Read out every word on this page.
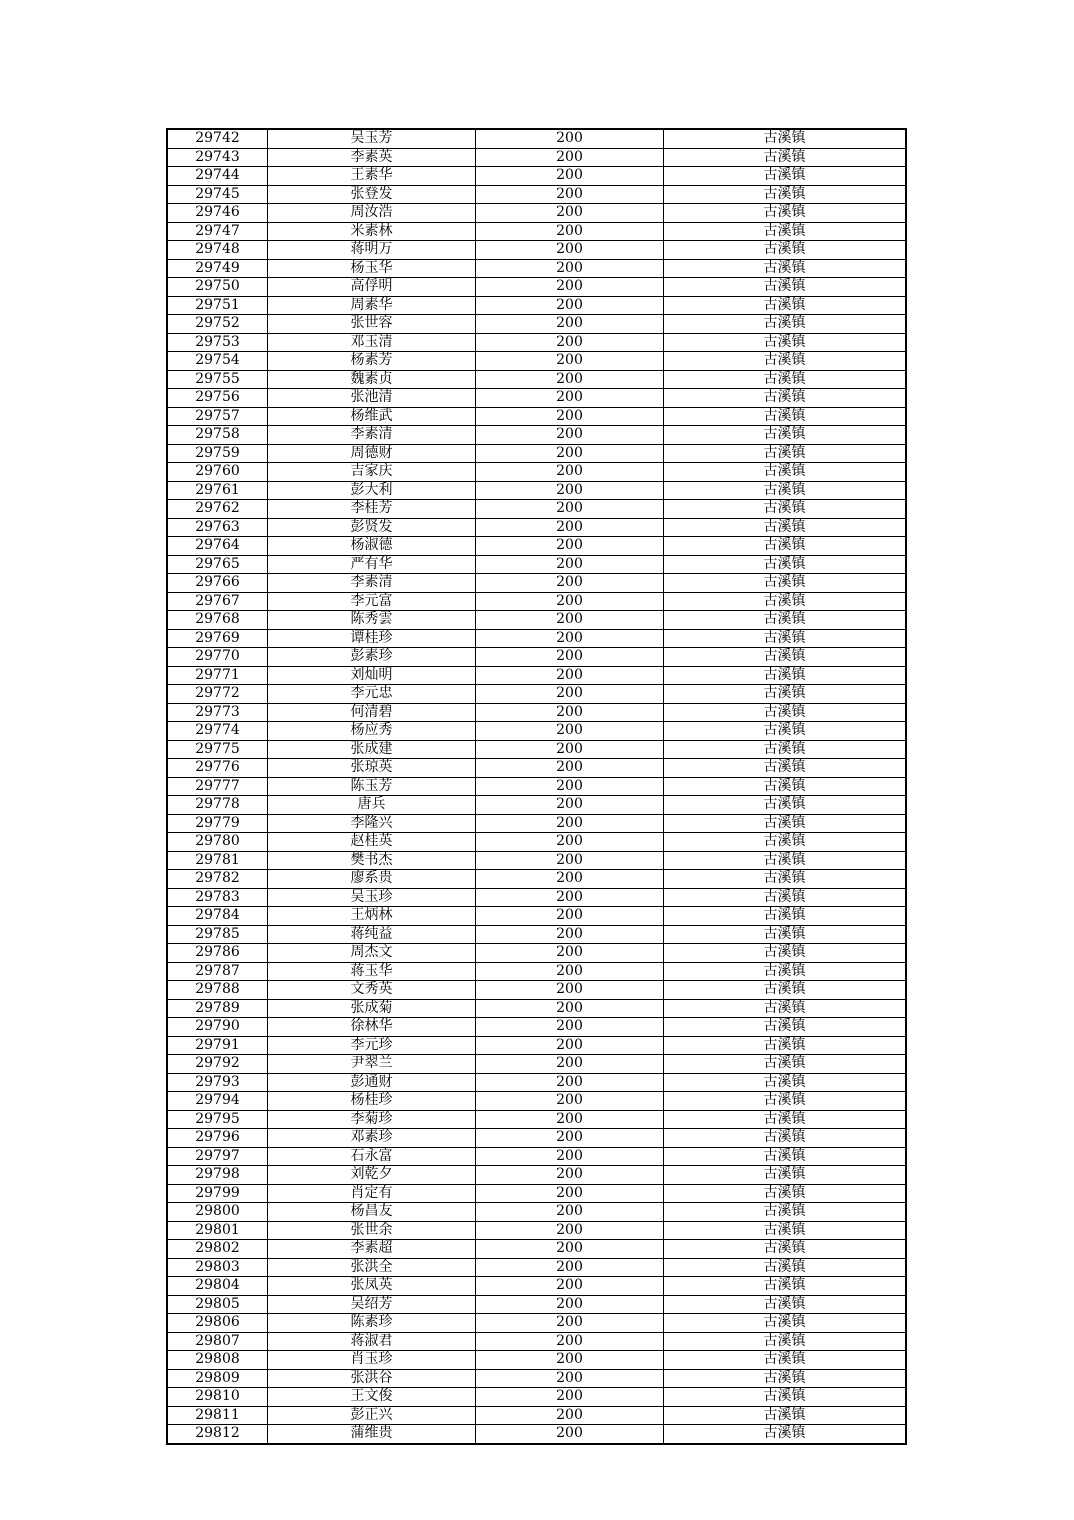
29742	吴玉芳	200	古溪镇
29743	李素英	200	古溪镇
29744	王素华	200	古溪镇
29745	张登发	200	古溪镇
29746	周汝浩	200	古溪镇
29747	米素林	200	古溪镇
29748	蒋明万	200	古溪镇
29749	杨玉华	200	古溪镇
29750	高俘明	200	古溪镇
29751	周素华	200	古溪镇
29752	张世容	200	古溪镇
29753	邓玉清	200	古溪镇
29754	杨素芳	200	古溪镇
29755	魏素贞	200	古溪镇
29756	张池清	200	古溪镇
29757	杨维武	200	古溪镇
29758	李素清	200	古溪镇
29759	周德财	200	古溪镇
29760	吉家庆	200	古溪镇
29761	彭大利	200	古溪镇
29762	李桂芳	200	古溪镇
29763	彭贤发	200	古溪镇
29764	杨淑德	200	古溪镇
29765	严有华	200	古溪镇
29766	李素清	200	古溪镇
29767	李元富	200	古溪镇
29768	陈秀雲	200	古溪镇
29769	谭桂珍	200	古溪镇
29770	彭素珍	200	古溪镇
29771	刘灿明	200	古溪镇
29772	李元忠	200	古溪镇
29773	何清碧	200	古溪镇
29774	杨应秀	200	古溪镇
29775	张成建	200	古溪镇
29776	张琼英	200	古溪镇
29777	陈玉芳	200	古溪镇
29778	唐兵	200	古溪镇
29779	李隆兴	200	古溪镇
29780	赵桂英	200	古溪镇
29781	樊书杰	200	古溪镇
29782	廖系贵	200	古溪镇
29783	吴玉珍	200	古溪镇
29784	王炳林	200	古溪镇
29785	蒋纯益	200	古溪镇
29786	周杰文	200	古溪镇
29787	蒋玉华	200	古溪镇
29788	文秀英	200	古溪镇
29789	张成菊	200	古溪镇
29790	徐林华	200	古溪镇
29791	李元珍	200	古溪镇
29792	尹翠兰	200	古溪镇
29793	彭通财	200	古溪镇
29794	杨桂珍	200	古溪镇
29795	李菊珍	200	古溪镇
29796	邓素珍	200	古溪镇
29797	石永富	200	古溪镇
29798	刘乾夕	200	古溪镇
29799	肖定有	200	古溪镇
29800	杨昌友	200	古溪镇
29801	张世余	200	古溪镇
29802	李素超	200	古溪镇
29803	张洪全	200	古溪镇
29804	张凤英	200	古溪镇
29805	吴绍芳	200	古溪镇
29806	陈素珍	200	古溪镇
29807	蒋淑君	200	古溪镇
29808	肖玉珍	200	古溪镇
29809	张洪谷	200	古溪镇
29810	王文俊	200	古溪镇
29811	彭正兴	200	古溪镇
29812	蒲维贵	200	古溪镇
